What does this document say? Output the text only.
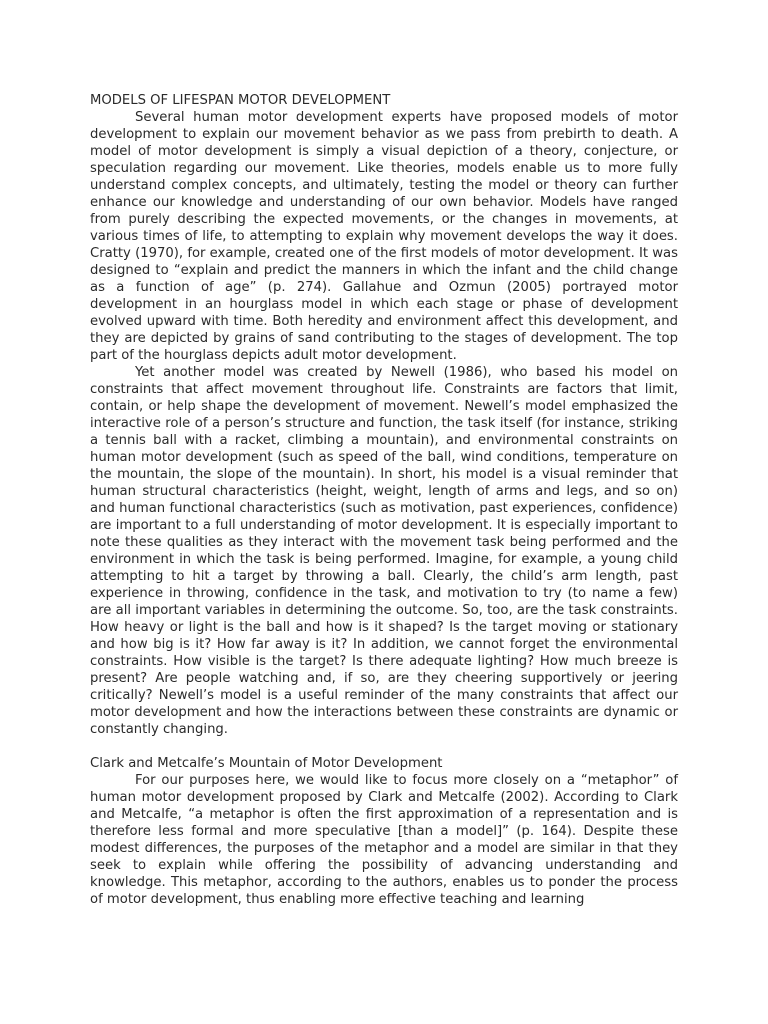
MODELS OF LIFESPAN MOTOR DEVELOPMENT

Several human motor development experts have proposed models of motor development to explain our movement behavior as we pass from prebirth to death. A model of motor development is simply a visual depiction of a theory, conjecture, or speculation regarding our movement. Like theories, models enable us to more fully understand complex concepts, and ultimately, testing the model or theory can further enhance our knowledge and understanding of our own behavior. Models have ranged from purely describing the expected movements, or the changes in movements, at various times of life, to attempting to explain why movement develops the way it does. Cratty (1970), for example, created one of the first models of motor development. It was designed to “explain and predict the manners in which the infant and the child change as a function of age” (p. 274). Gallahue and Ozmun (2005) portrayed motor development in an hourglass model in which each stage or phase of development evolved upward with time. Both heredity and environment affect this development, and they are depicted by grains of sand contributing to the stages of development. The top part of the hourglass depicts adult motor development.

Yet another model was created by Newell (1986), who based his model on constraints that affect movement throughout life. Constraints are factors that limit, contain, or help shape the development of movement. Newell’s model emphasized the interactive role of a person’s structure and function, the task itself (for instance, striking a tennis ball with a racket, climbing a mountain), and environmental constraints on human motor development (such as speed of the ball, wind conditions, temperature on the mountain, the slope of the mountain). In short, his model is a visual reminder that human structural characteristics (height, weight, length of arms and legs, and so on) and human functional characteristics (such as motivation, past experiences, confidence) are important to a full understanding of motor development. It is especially important to note these qualities as they interact with the movement task being performed and the environment in which the task is being performed. Imagine, for example, a young child attempting to hit a target by throwing a ball. Clearly, the child’s arm length, past experience in throwing, confidence in the task, and motivation to try (to name a few) are all important variables in determining the outcome. So, too, are the task constraints. How heavy or light is the ball and how is it shaped? Is the target moving or stationary and how big is it? How far away is it? In addition, we cannot forget the environmental constraints. How visible is the target? Is there adequate lighting? How much breeze is present? Are people watching and, if so, are they cheering supportively or jeering critically? Newell’s model is a useful reminder of the many constraints that affect our motor development and how the interactions between these constraints are dynamic or constantly changing.

Clark and Metcalfe’s Mountain of Motor Development

For our purposes here, we would like to focus more closely on a “metaphor” of human motor development proposed by Clark and Metcalfe (2002). According to Clark and Metcalfe, “a metaphor is often the first approximation of a representation and is therefore less formal and more speculative [than a model]” (p. 164). Despite these modest differences, the purposes of the metaphor and a model are similar in that they seek to explain while offering the possibility of advancing understanding and knowledge. This metaphor, according to the authors, enables us to ponder the process of motor development, thus enabling more effective teaching and learning
